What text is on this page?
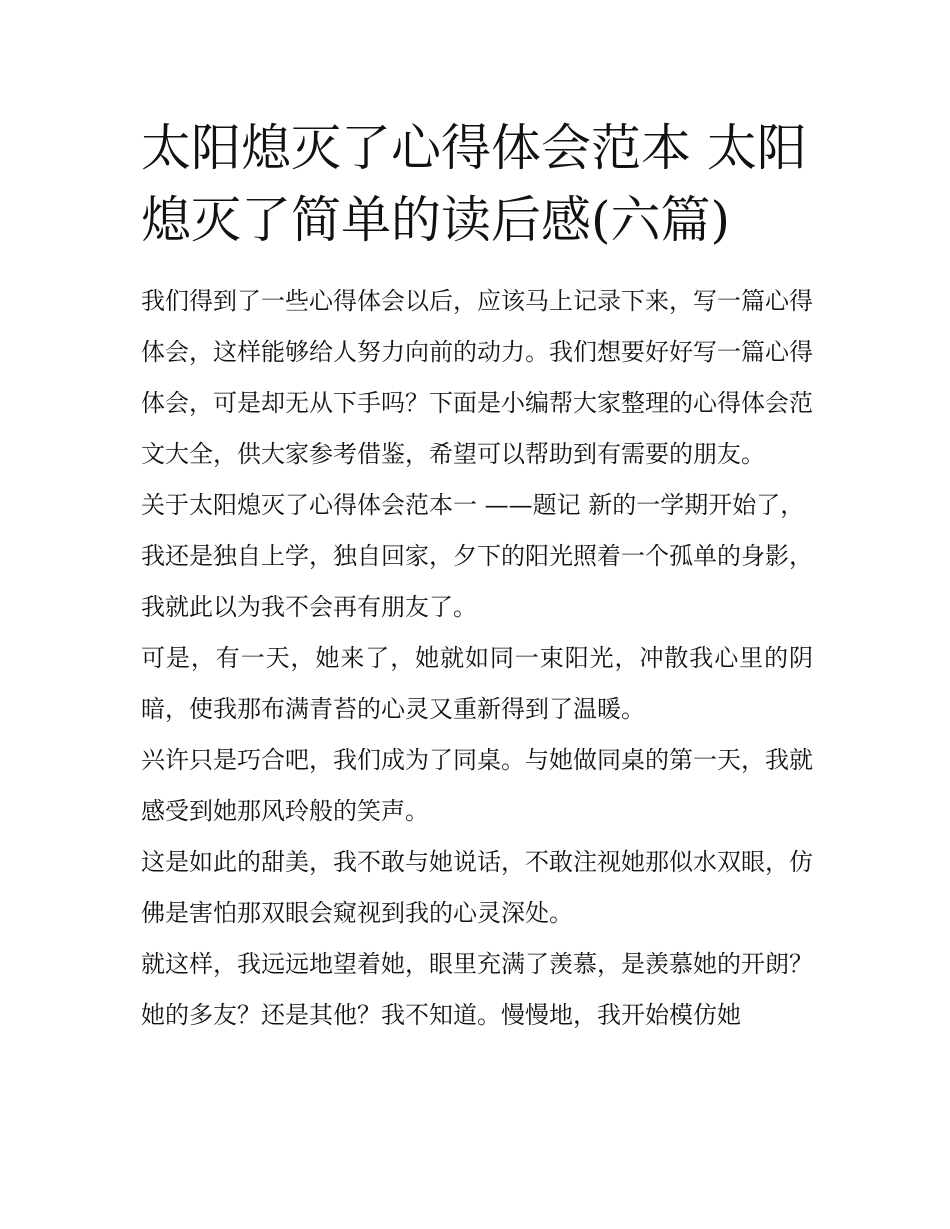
太阳熄灭了心得体会范本 太阳熄灭了简单的读后感(六篇)

我们得到了一些心得体会以后，应该马上记录下来，写一篇心得体会，这样能够给人努力向前的动力。我们想要好好写一篇心得体会，可是却无从下手吗？下面是小编帮大家整理的心得体会范文大全，供大家参考借鉴，希望可以帮助到有需要的朋友。

关于太阳熄灭了心得体会范本一 ——题记 新的一学期开始了，我还是独自上学，独自回家，夕下的阳光照着一个孤单的身影，我就此以为我不会再有朋友了。

可是，有一天，她来了，她就如同一束阳光，冲散我心里的阴暗，使我那布满青苔的心灵又重新得到了温暖。

兴许只是巧合吧，我们成为了同桌。与她做同桌的第一天，我就感受到她那风玲般的笑声。

这是如此的甜美，我不敢与她说话，不敢注视她那似水双眼，仿佛是害怕那双眼会窥视到我的心灵深处。

就这样，我远远地望着她，眼里充满了羡慕，是羡慕她的开朗？她的多友？还是其他？我不知道。慢慢地，我开始模仿她
